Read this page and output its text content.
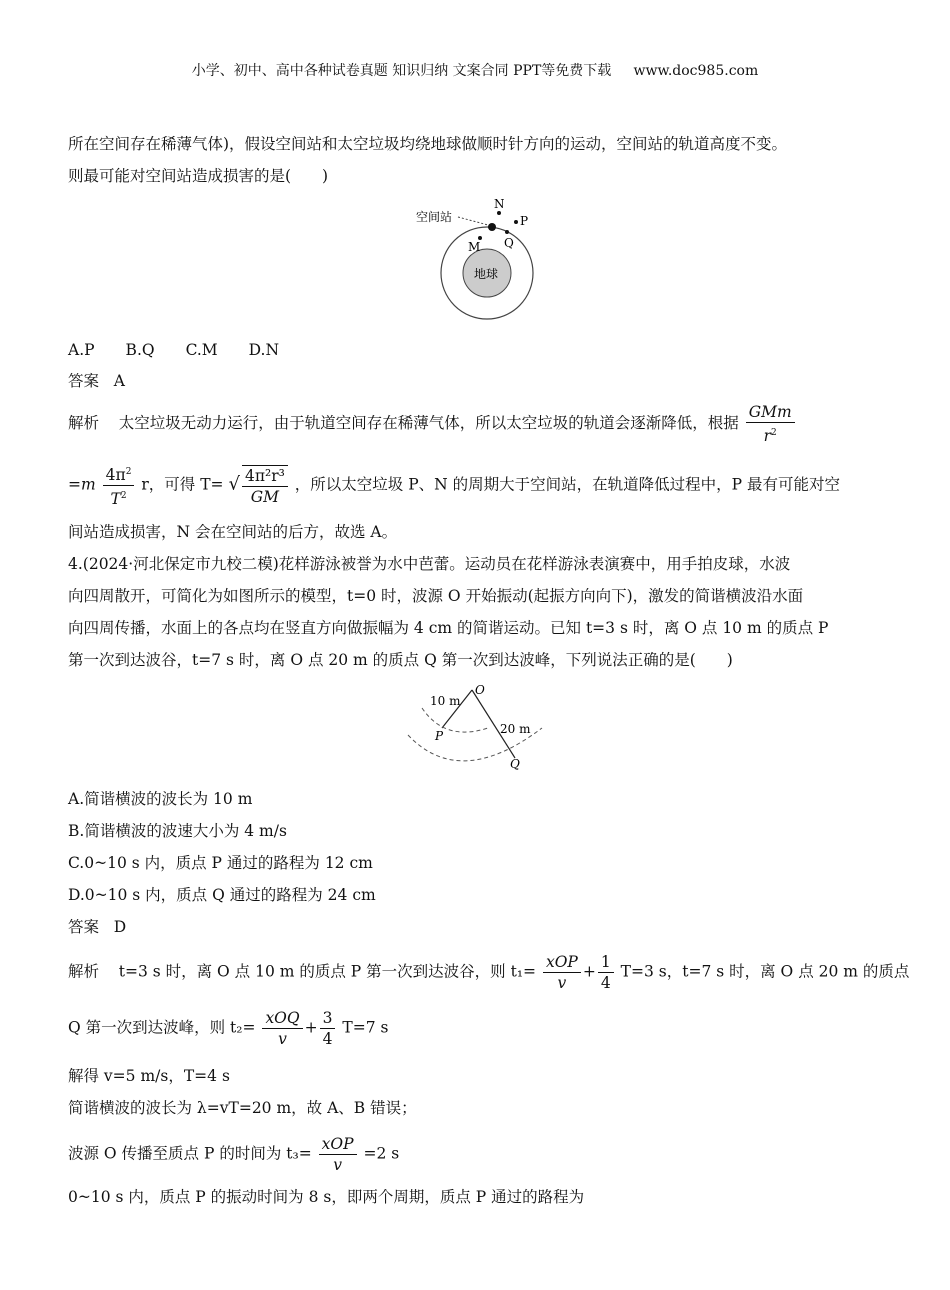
小学、初中、高中各种试卷真题 知识归纳 文案合同 PPT等免费下载 www.doc985.com
所在空间存在稀薄气体)，假设空间站和太空垃圾均绕地球做顺时针方向的运动，空间站的轨道高度不变。
则最可能对空间站造成损害的是(　　)
地球
空间站
N
P
M Q
A.P　　B.Q　　C.M　　D.N
答案 A
解析 太空垃圾无动力运行，由于轨道空间存在稀薄气体，所以太空垃圾的轨道会逐渐降低，根据 $\frac{\text{GMm}}{r^2}$
$=m \frac{4\pi^2}{T^2}$ r，可得 T= √ $\frac{\text{4π²r³}}{GM}$ ，所以太空垃圾 P、N 的周期大于空间站，在轨道降低过程中，P 最有可能对空
间站造成损害，N 会在空间站的后方，故选 A。
4.(2024·河北保定市九校二模)花样游泳被誉为水中芭蕾。运动员在花样游泳表演赛中，用手拍皮球，水波
向四周散开，可简化为如图所示的模型，t=0 时，波源 O 开始振动(起振方向向下)，激发的简谐横波沿水面
向四周传播，水面上的各点均在竖直方向做振幅为 4 cm 的简谐运动。已知 t=3 s 时，离 O 点 10 m 的质点 P
第一次到达波谷，t=7 s 时，离 O 点 20 m 的质点 Q 第一次到达波峰，下列说法正确的是(　　)
O
P
Q
10 m
20 m
A.简谐横波的波长为 10 m
B.简谐横波的波速大小为 4 m/s
C.0~10 s 内，质点 P 通过的路程为 12 cm
D.0~10 s 内，质点 Q 通过的路程为 24 cm
答案 D
解析 t=3 s 时，离 O 点 10 m 的质点 P 第一次到达波谷，则 $t_1= \frac{\text{xOP}}{v} + \frac{1}{4} T=3$ s，t=7 s 时，离 O 点 20 m 的质点
Q 第一次到达波峰，则 $t_2= \frac{\text{xOQ}}{v} + \frac{3}{4} T=7$ s
解得 v=5 m/s，T=4 s
简谐横波的波长为 λ=vT=20 m，故 A、B 错误；
波源 O 传播至质点 P 的时间为 $t_3= \frac{\text{xOP}}{v} =2$ s
0~10 s 内，质点 P 的振动时间为 8 s，即两个周期，质点 P 通过的路程为
